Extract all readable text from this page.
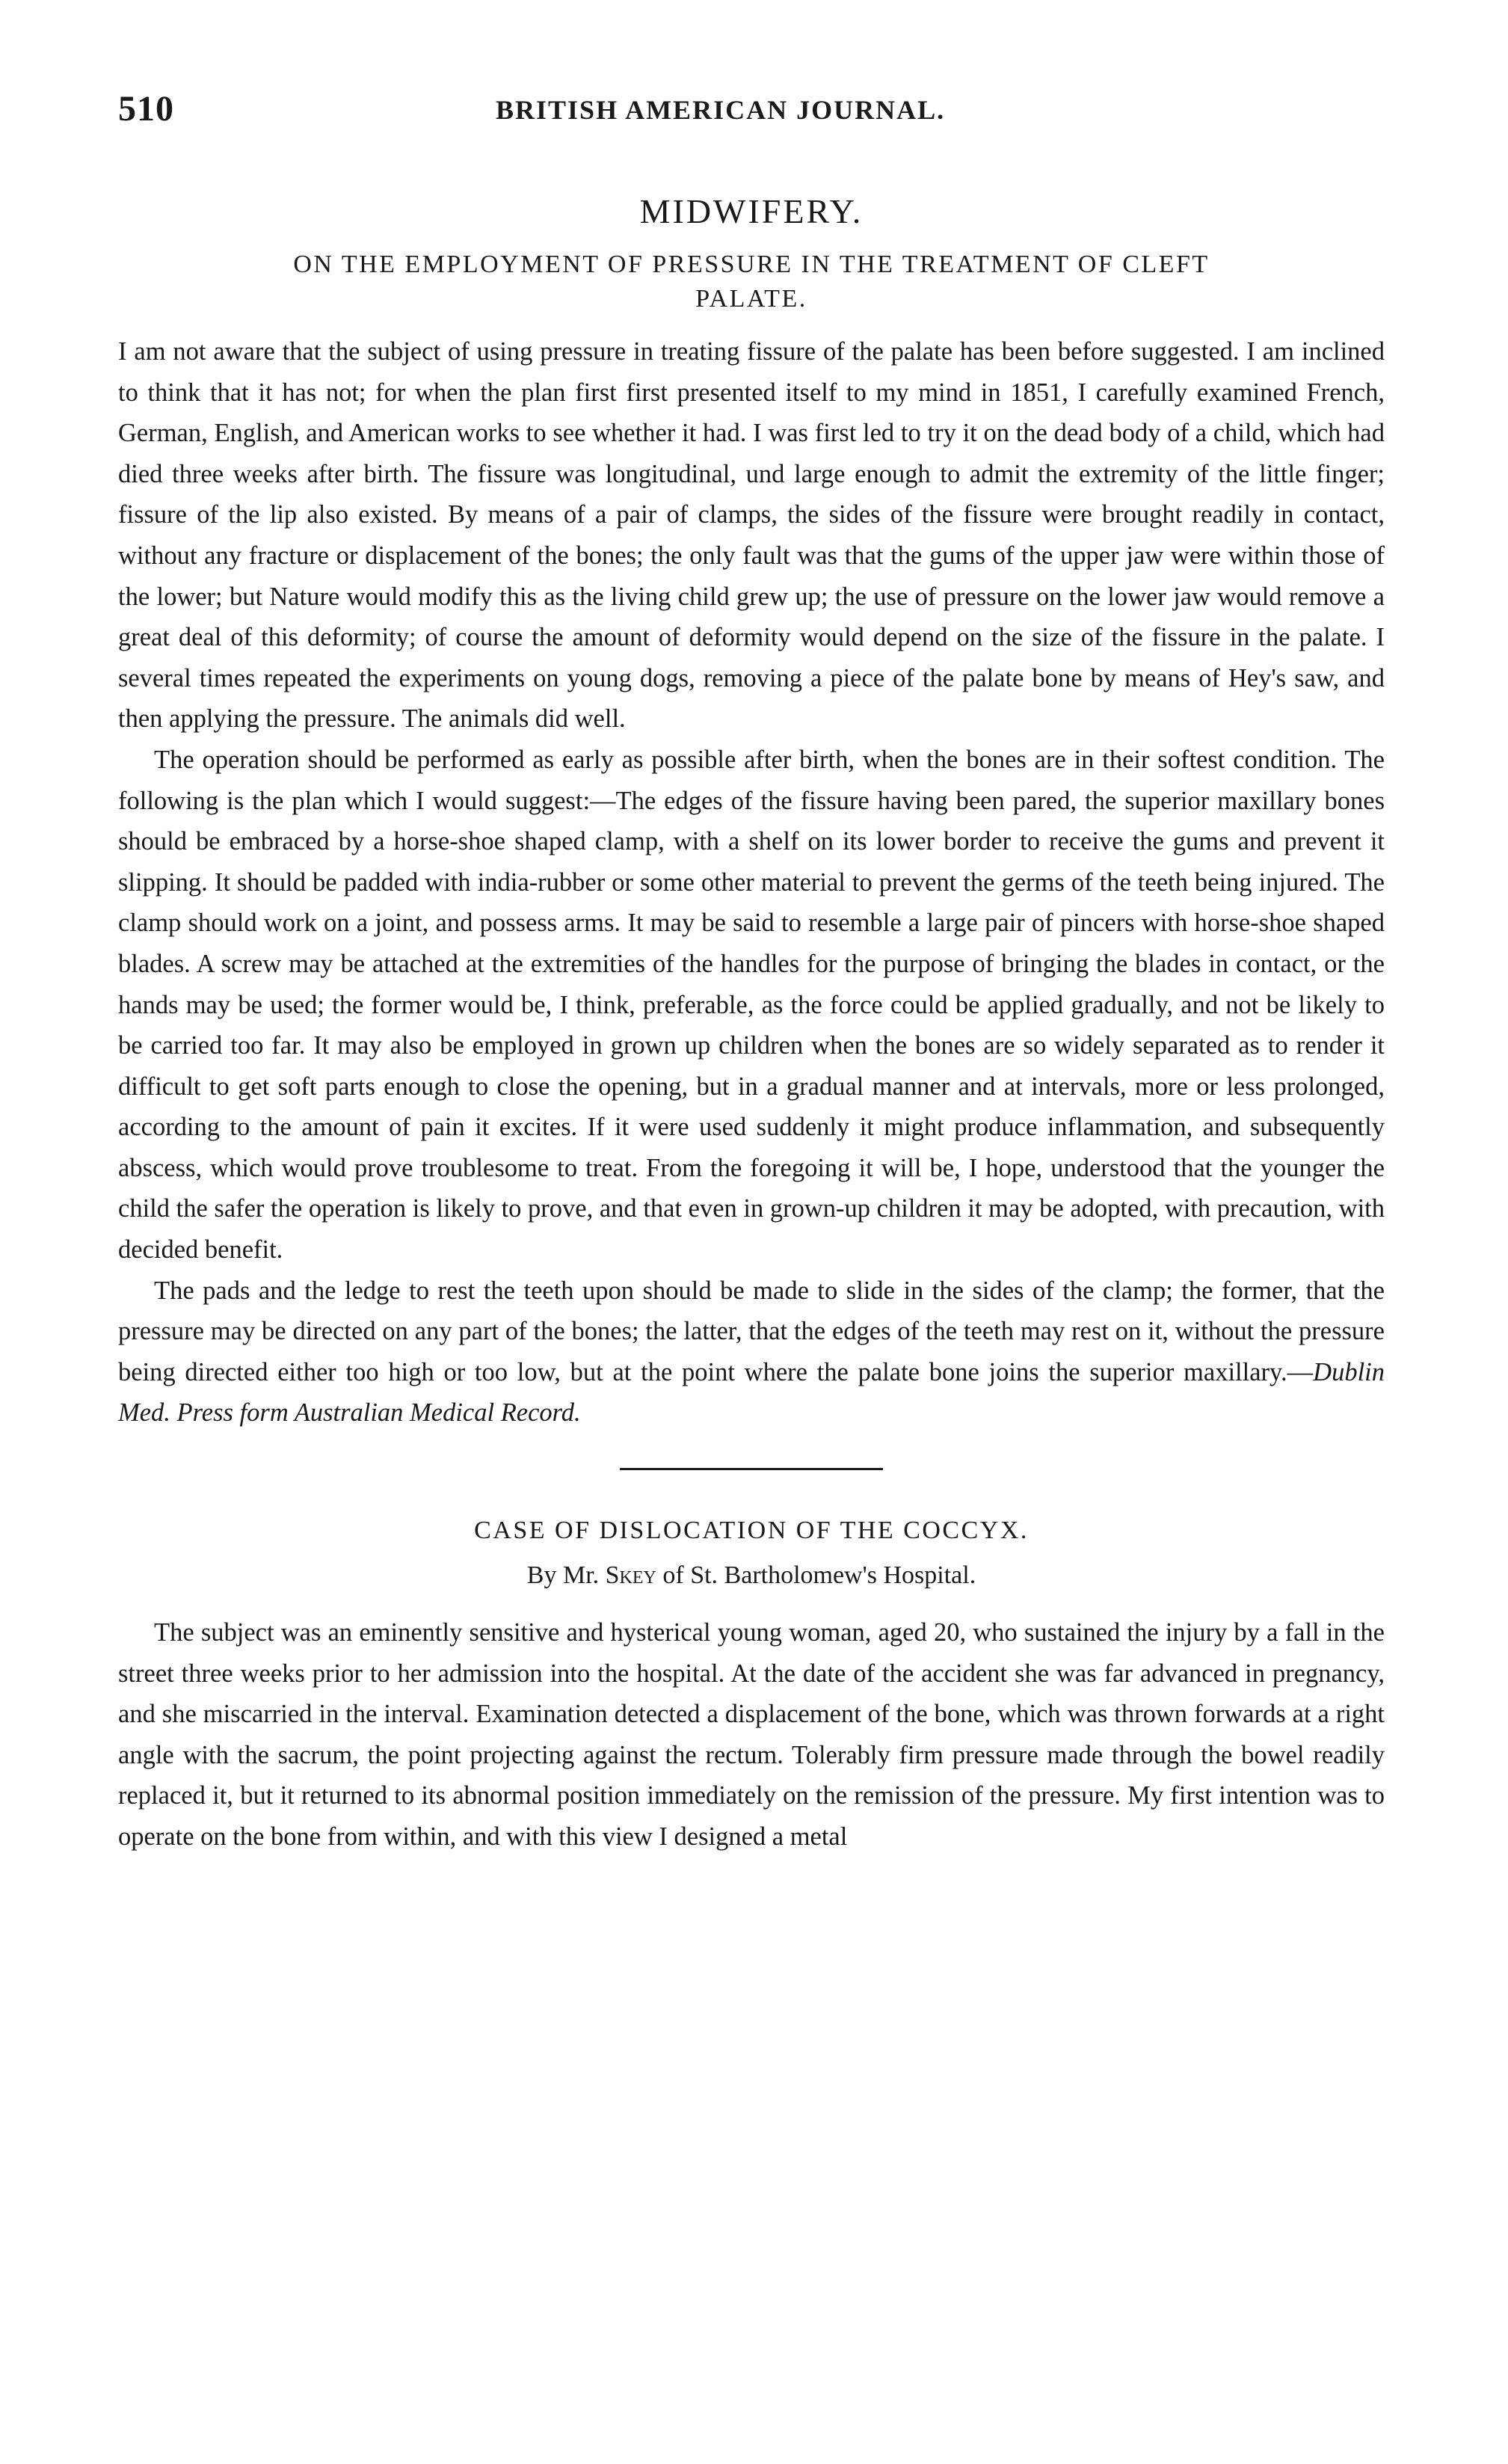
510	BRITISH AMERICAN JOURNAL.
MIDWIFERY.
ON THE EMPLOYMENT OF PRESSURE IN THE TREATMENT OF CLEFT
PALATE.

I am not aware that the subject of using pressure in treating fissure of the palate has been before suggested. I am inclined to think that it has not; for when the plan first first presented itself to my mind in 1851, I carefully examined French, German, English, and American works to see whether it had. I was first led to try it on the dead body of a child, which had died three weeks after birth. The fissure was longitudinal, und large enough to admit the extremity of the little finger; fissure of the lip also existed. By means of a pair of clamps, the sides of the fissure were brought readily in contact, without any fracture or displacement of the bones; the only fault was that the gums of the upper jaw were within those of the lower; but Nature would modify this as the living child grew up; the use of pressure on the lower jaw would remove a great deal of this deformity; of course the amount of deformity would depend on the size of the fissure in the palate. I several times repeated the experiments on young dogs, removing a piece of the palate bone by means of Hey's saw, and then applying the pressure. The animals did well.

The operation should be performed as early as possible after birth, when the bones are in their softest condition. The following is the plan which I would suggest:—The edges of the fissure having been pared, the superior maxillary bones should be embraced by a horse-shoe shaped clamp, with a shelf on its lower border to receive the gums and prevent it slipping. It should be padded with india-rubber or some other material to prevent the germs of the teeth being injured. The clamp should work on a joint, and possess arms. It may be said to resemble a large pair of pincers with horse-shoe shaped blades. A screw may be attached at the extremities of the handles for the purpose of bringing the blades in contact, or the hands may be used; the former would be, I think, preferable, as the force could be applied gradually, and not be likely to be carried too far. It may also be employed in grown up children when the bones are so widely separated as to render it difficult to get soft parts enough to close the opening, but in a gradual manner and at intervals, more or less prolonged, according to the amount of pain it excites. If it were used suddenly it might produce inflammation, and subsequently abscess, which would prove troublesome to treat. From the foregoing it will be, I hope, understood that the younger the child the safer the operation is likely to prove, and that even in grown-up children it may be adopted, with precaution, with decided benefit.

The pads and the ledge to rest the teeth upon should be made to slide in the sides of the clamp; the former, that the pressure may be directed on any part of the bones; the latter, that the edges of the teeth may rest on it, without the pressure being directed either too high or too low, but at the point where the palate bone joins the superior maxillary.—Dublin Med. Press form Australian Medical Record.

CASE OF DISLOCATION OF THE COCCYX.
By Mr. Skey of St. Bartholomew's Hospital.

The subject was an eminently sensitive and hysterical young woman, aged 20, who sustained the injury by a fall in the street three weeks prior to her admission into the hospital. At the date of the accident she was far advanced in pregnancy, and she miscarried in the interval. Examination detected a displacement of the bone, which was thrown forwards at a right angle with the sacrum, the point projecting against the rectum. Tolerably firm pressure made through the bowel readily replaced it, but it returned to its abnormal position immediately on the remission of the pressure. My first intention was to operate on the bone from within, and with this view I designed a metal
